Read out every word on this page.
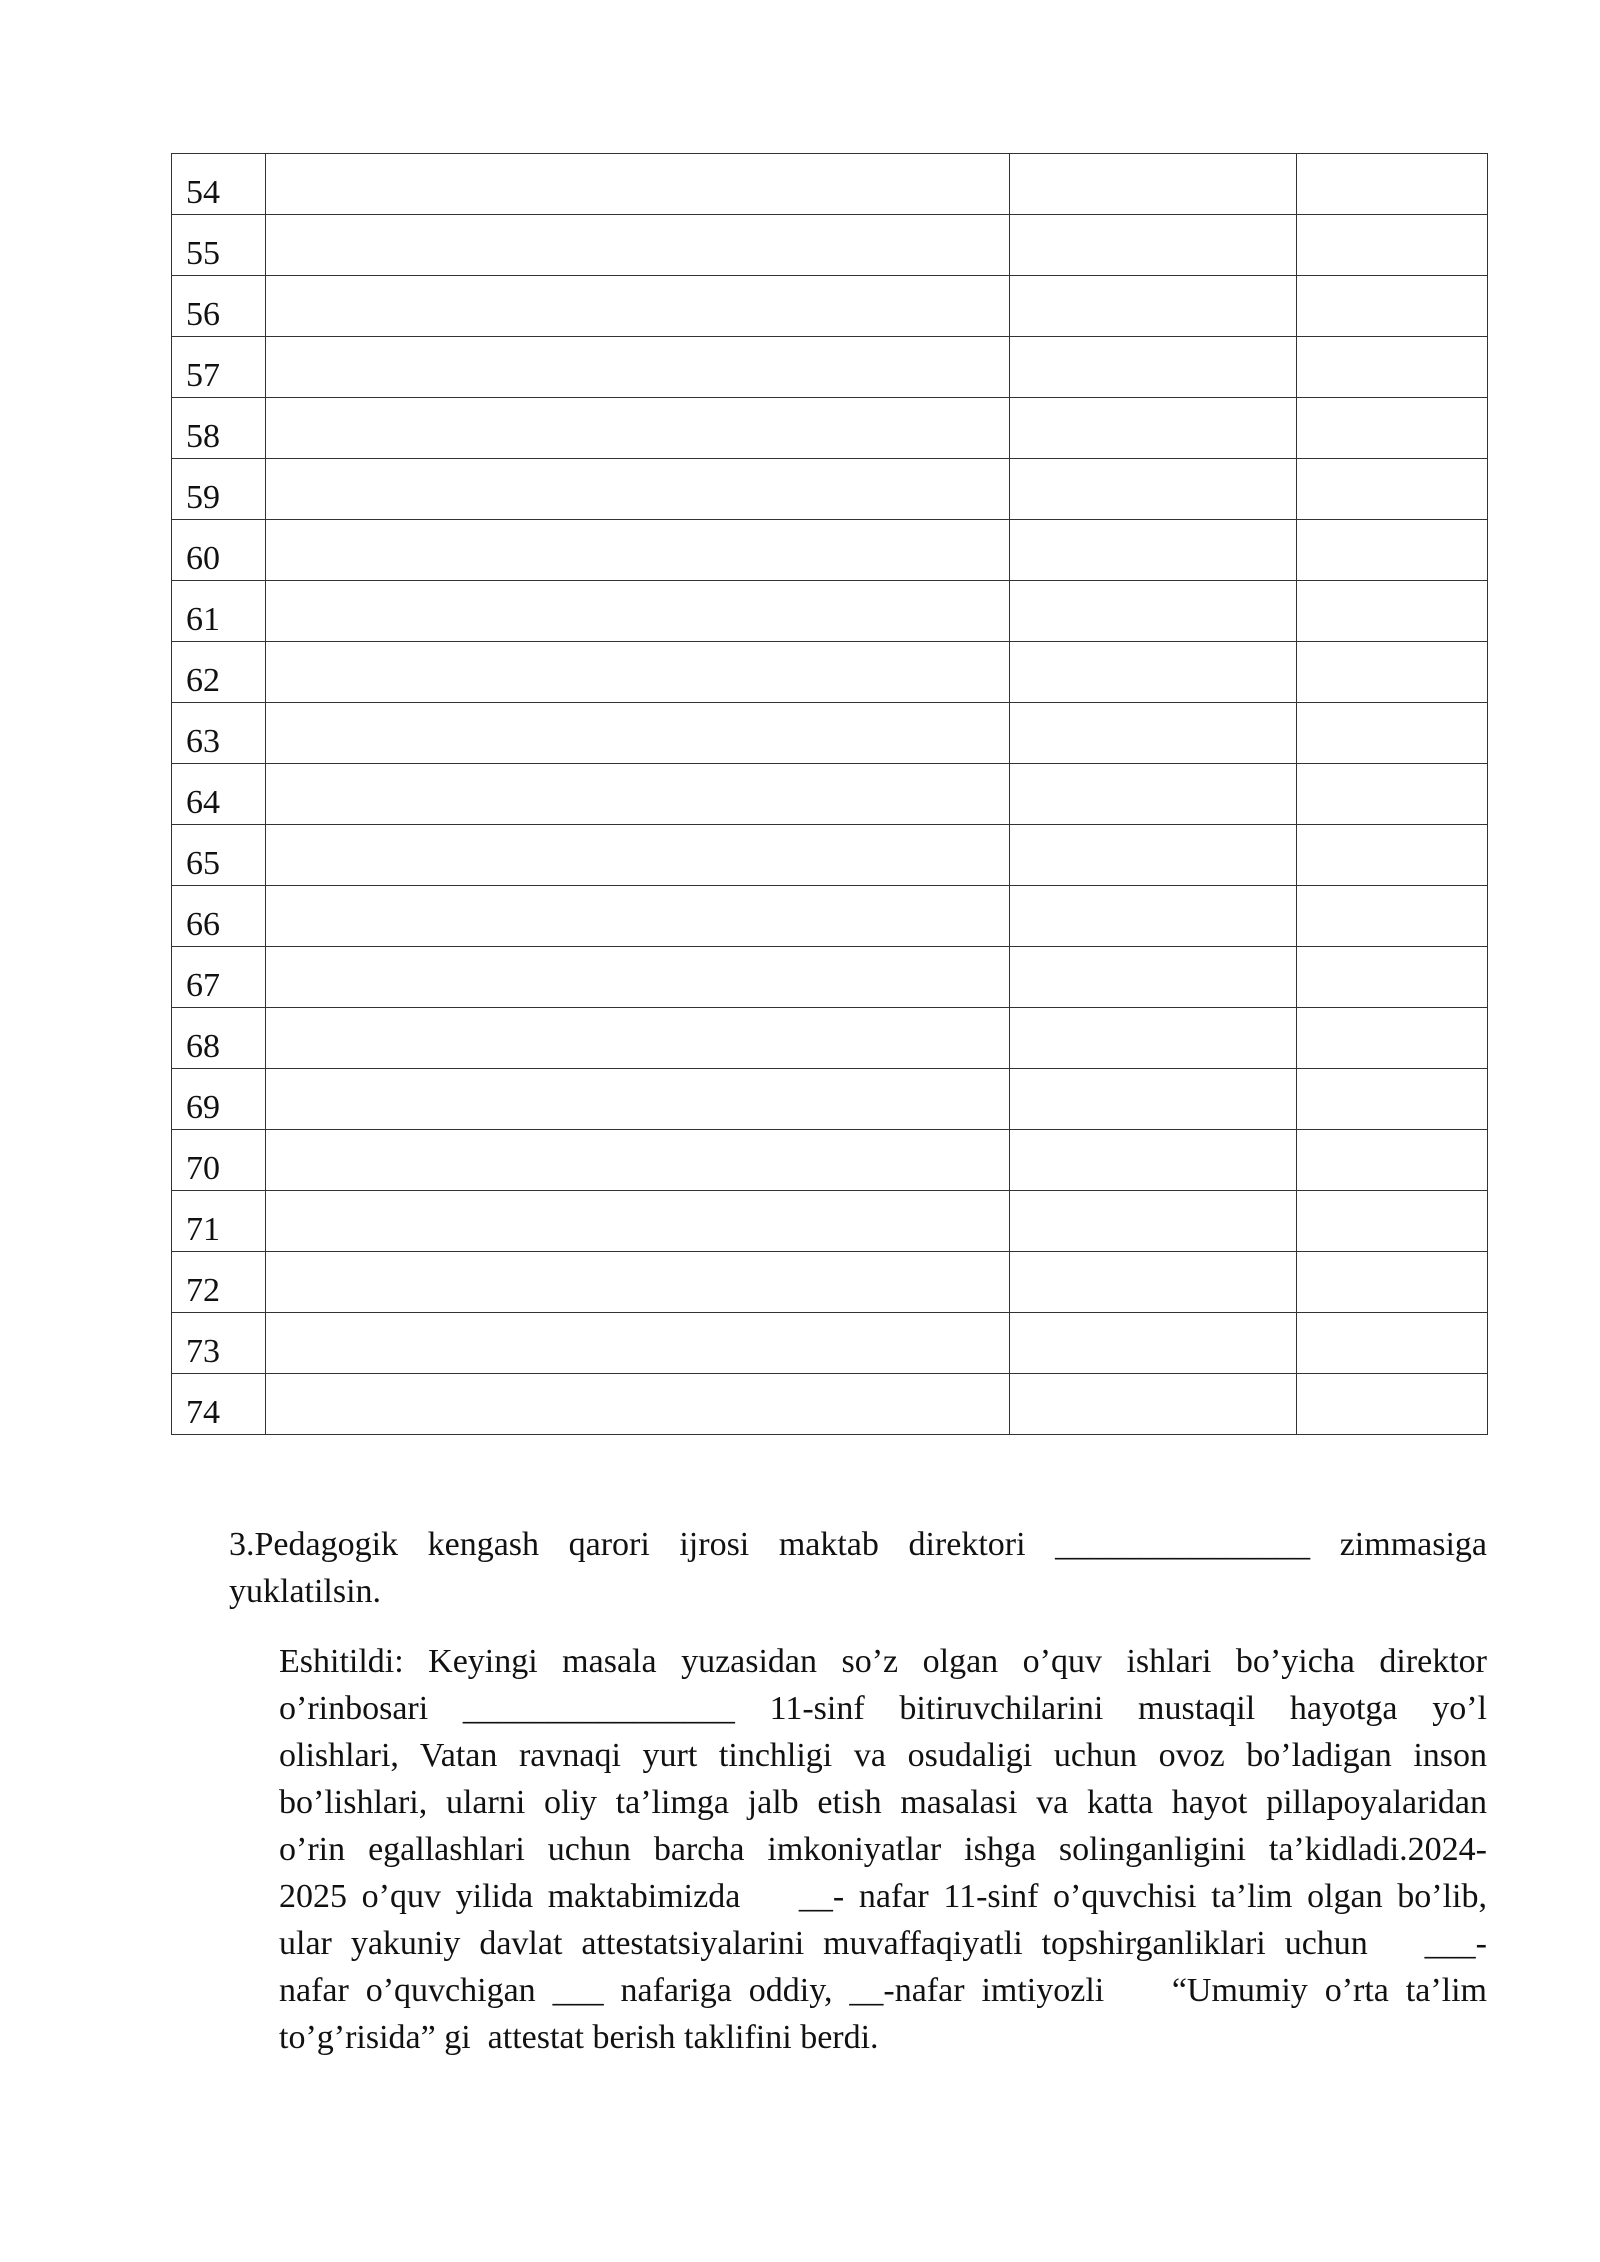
54			
55			
56			
57			
58			
59			
60			
61			
62			
63			
64			
65			
66			
67			
68			
69			
70			
71			
72			
73			
74			
3.Pedagogik kengash qarori ijrosi maktab direktori _______________ zimmasiga
yuklatilsin.
Eshitildi: Keyingi masala yuzasidan so’z olgan o’quv ishlari bo’yicha direktor
o’rinbosari ________________ 11-sinf bitiruvchilarini mustaqil hayotga yo’l
olishlari, Vatan ravnaqi yurt tinchligi va osudaligi uchun ovoz bo’ladigan inson
bo’lishlari, ularni oliy ta’limga jalb etish masalasi va katta hayot pillapoyalaridan
o’rin egallashlari uchun barcha imkoniyatlar ishga solinganligini ta’kidladi.2024-
2025 o’quv yilida maktabimizda    __- nafar 11-sinf o’quvchisi ta’lim olgan bo’lib,
ular yakuniy davlat attestatsiyalarini muvaffaqiyatli topshirganliklari uchun   ___-
nafar o’quvchigan ___ nafariga oddiy, __-nafar imtiyozli    “Umumiy o’rta ta’lim
to’g’risida” gi  attestat berish taklifini berdi.
